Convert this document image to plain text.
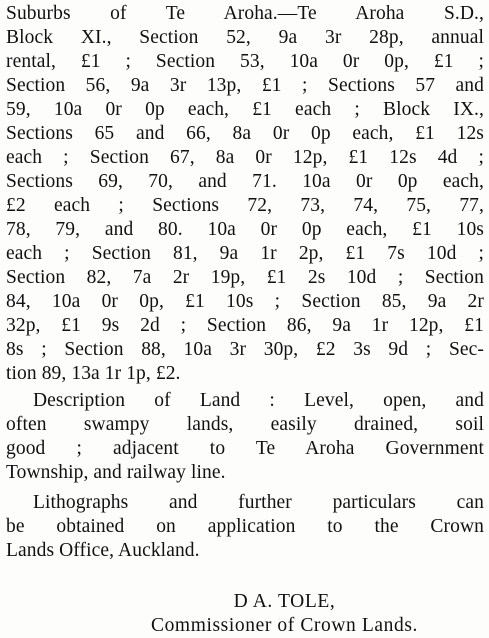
Suburbs of Te Aroha.—Te Aroha S.D.,
Block XI., Section 52, 9a 3r 28p, annual
rental, £1 ; Section 53, 10a 0r 0p, £1 ;
Section 56, 9a 3r 13p, £1 ; Sections 57 and
59, 10a 0r 0p each, £1 each ; Block IX.,
Sections 65 and 66, 8a 0r 0p each, £1 12s
each ; Section 67, 8a 0r 12p, £1 12s 4d ;
Sections 69, 70, and 71. 10a 0r 0p each,
£2 each ; Sections 72, 73, 74, 75, 77,
78, 79, and 80. 10a 0r 0p each, £1 10s
each ; Section 81, 9a 1r 2p, £1 7s 10d ;
Section 82, 7a 2r 19p, £1 2s 10d ; Section
84, 10a 0r 0p, £1 10s ; Section 85, 9a 2r
32p, £1 9s 2d ; Section 86, 9a 1r 12p, £1
8s ; Section 88, 10a 3r 30p, £2 3s 9d ; Sec-
tion 89, 13a 1r 1p, £2.
Description of Land : Level, open, and
often swampy lands, easily drained, soil
good ; adjacent to Te Aroha Government
Township, and railway line.
Lithographs and further particulars can
be obtained on application to the Crown
Lands Office, Auckland.
D A. TOLE,
Commissioner of Crown Lands.
